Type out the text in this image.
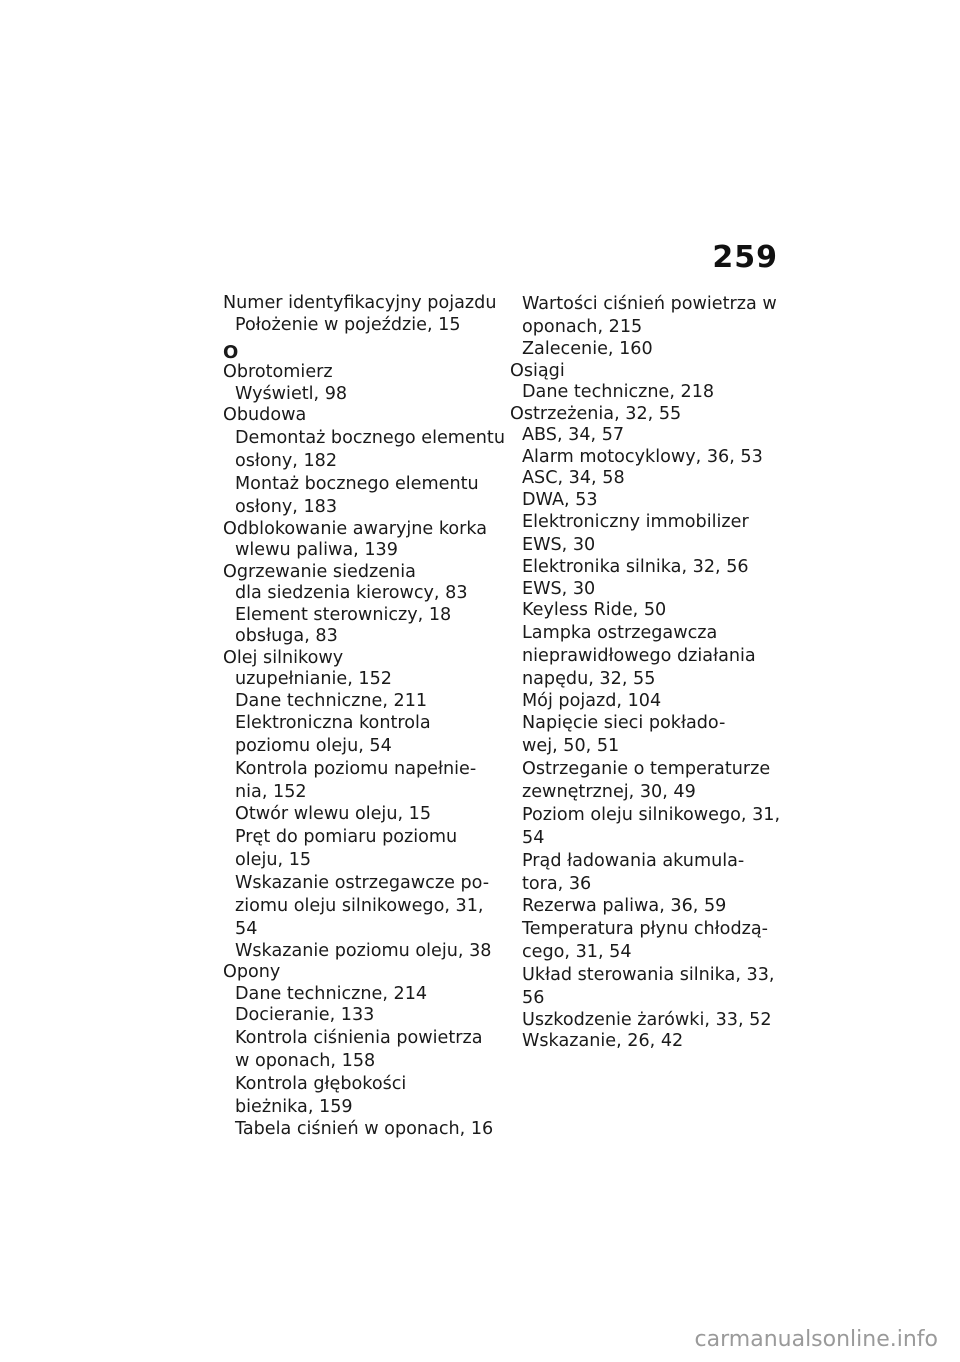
259
Numer identyfikacyjny pojazdu
Położenie w pojeździe, 15
O
Obrotomierz
Wyświetl, 98
Obudowa
Demontaż bocznego elementu
osłony, 182
Montaż bocznego elementu
osłony, 183
Odblokowanie awaryjne korka
wlewu paliwa, 139
Ogrzewanie siedzenia
dla siedzenia kierowcy, 83
Element sterowniczy, 18
obsługa, 83
Olej silnikowy
uzupełnianie, 152
Dane techniczne, 211
Elektroniczna kontrola
poziomu oleju, 54
Kontrola poziomu napełnie-
nia, 152
Otwór wlewu oleju, 15
Pręt do pomiaru poziomu
oleju, 15
Wskazanie ostrzegawcze po-
ziomu oleju silnikowego, 31,
54
Wskazanie poziomu oleju, 38
Opony
Dane techniczne, 214
Docieranie, 133
Kontrola ciśnienia powietrza
w oponach, 158
Kontrola głębokości
bieżnika, 159
Tabela ciśnień w oponach, 16
Wartości ciśnień powietrza w
oponach, 215
Zalecenie, 160
Osiągi
Dane techniczne, 218
Ostrzeżenia, 32, 55
ABS, 34, 57
Alarm motocyklowy, 36, 53
ASC, 34, 58
DWA, 53
Elektroniczny immobilizer
EWS, 30
Elektronika silnika, 32, 56
EWS, 30
Keyless Ride, 50
Lampka ostrzegawcza
nieprawidłowego działania
napędu, 32, 55
Mój pojazd, 104
Napięcie sieci pokłado-
wej, 50, 51
Ostrzeganie o temperaturze
zewnętrznej, 30, 49
Poziom oleju silnikowego, 31,
54
Prąd ładowania akumula-
tora, 36
Rezerwa paliwa, 36, 59
Temperatura płynu chłodzą-
cego, 31, 54
Układ sterowania silnika, 33,
56
Uszkodzenie żarówki, 33, 52
Wskazanie, 26, 42
carmanualsonline.info
